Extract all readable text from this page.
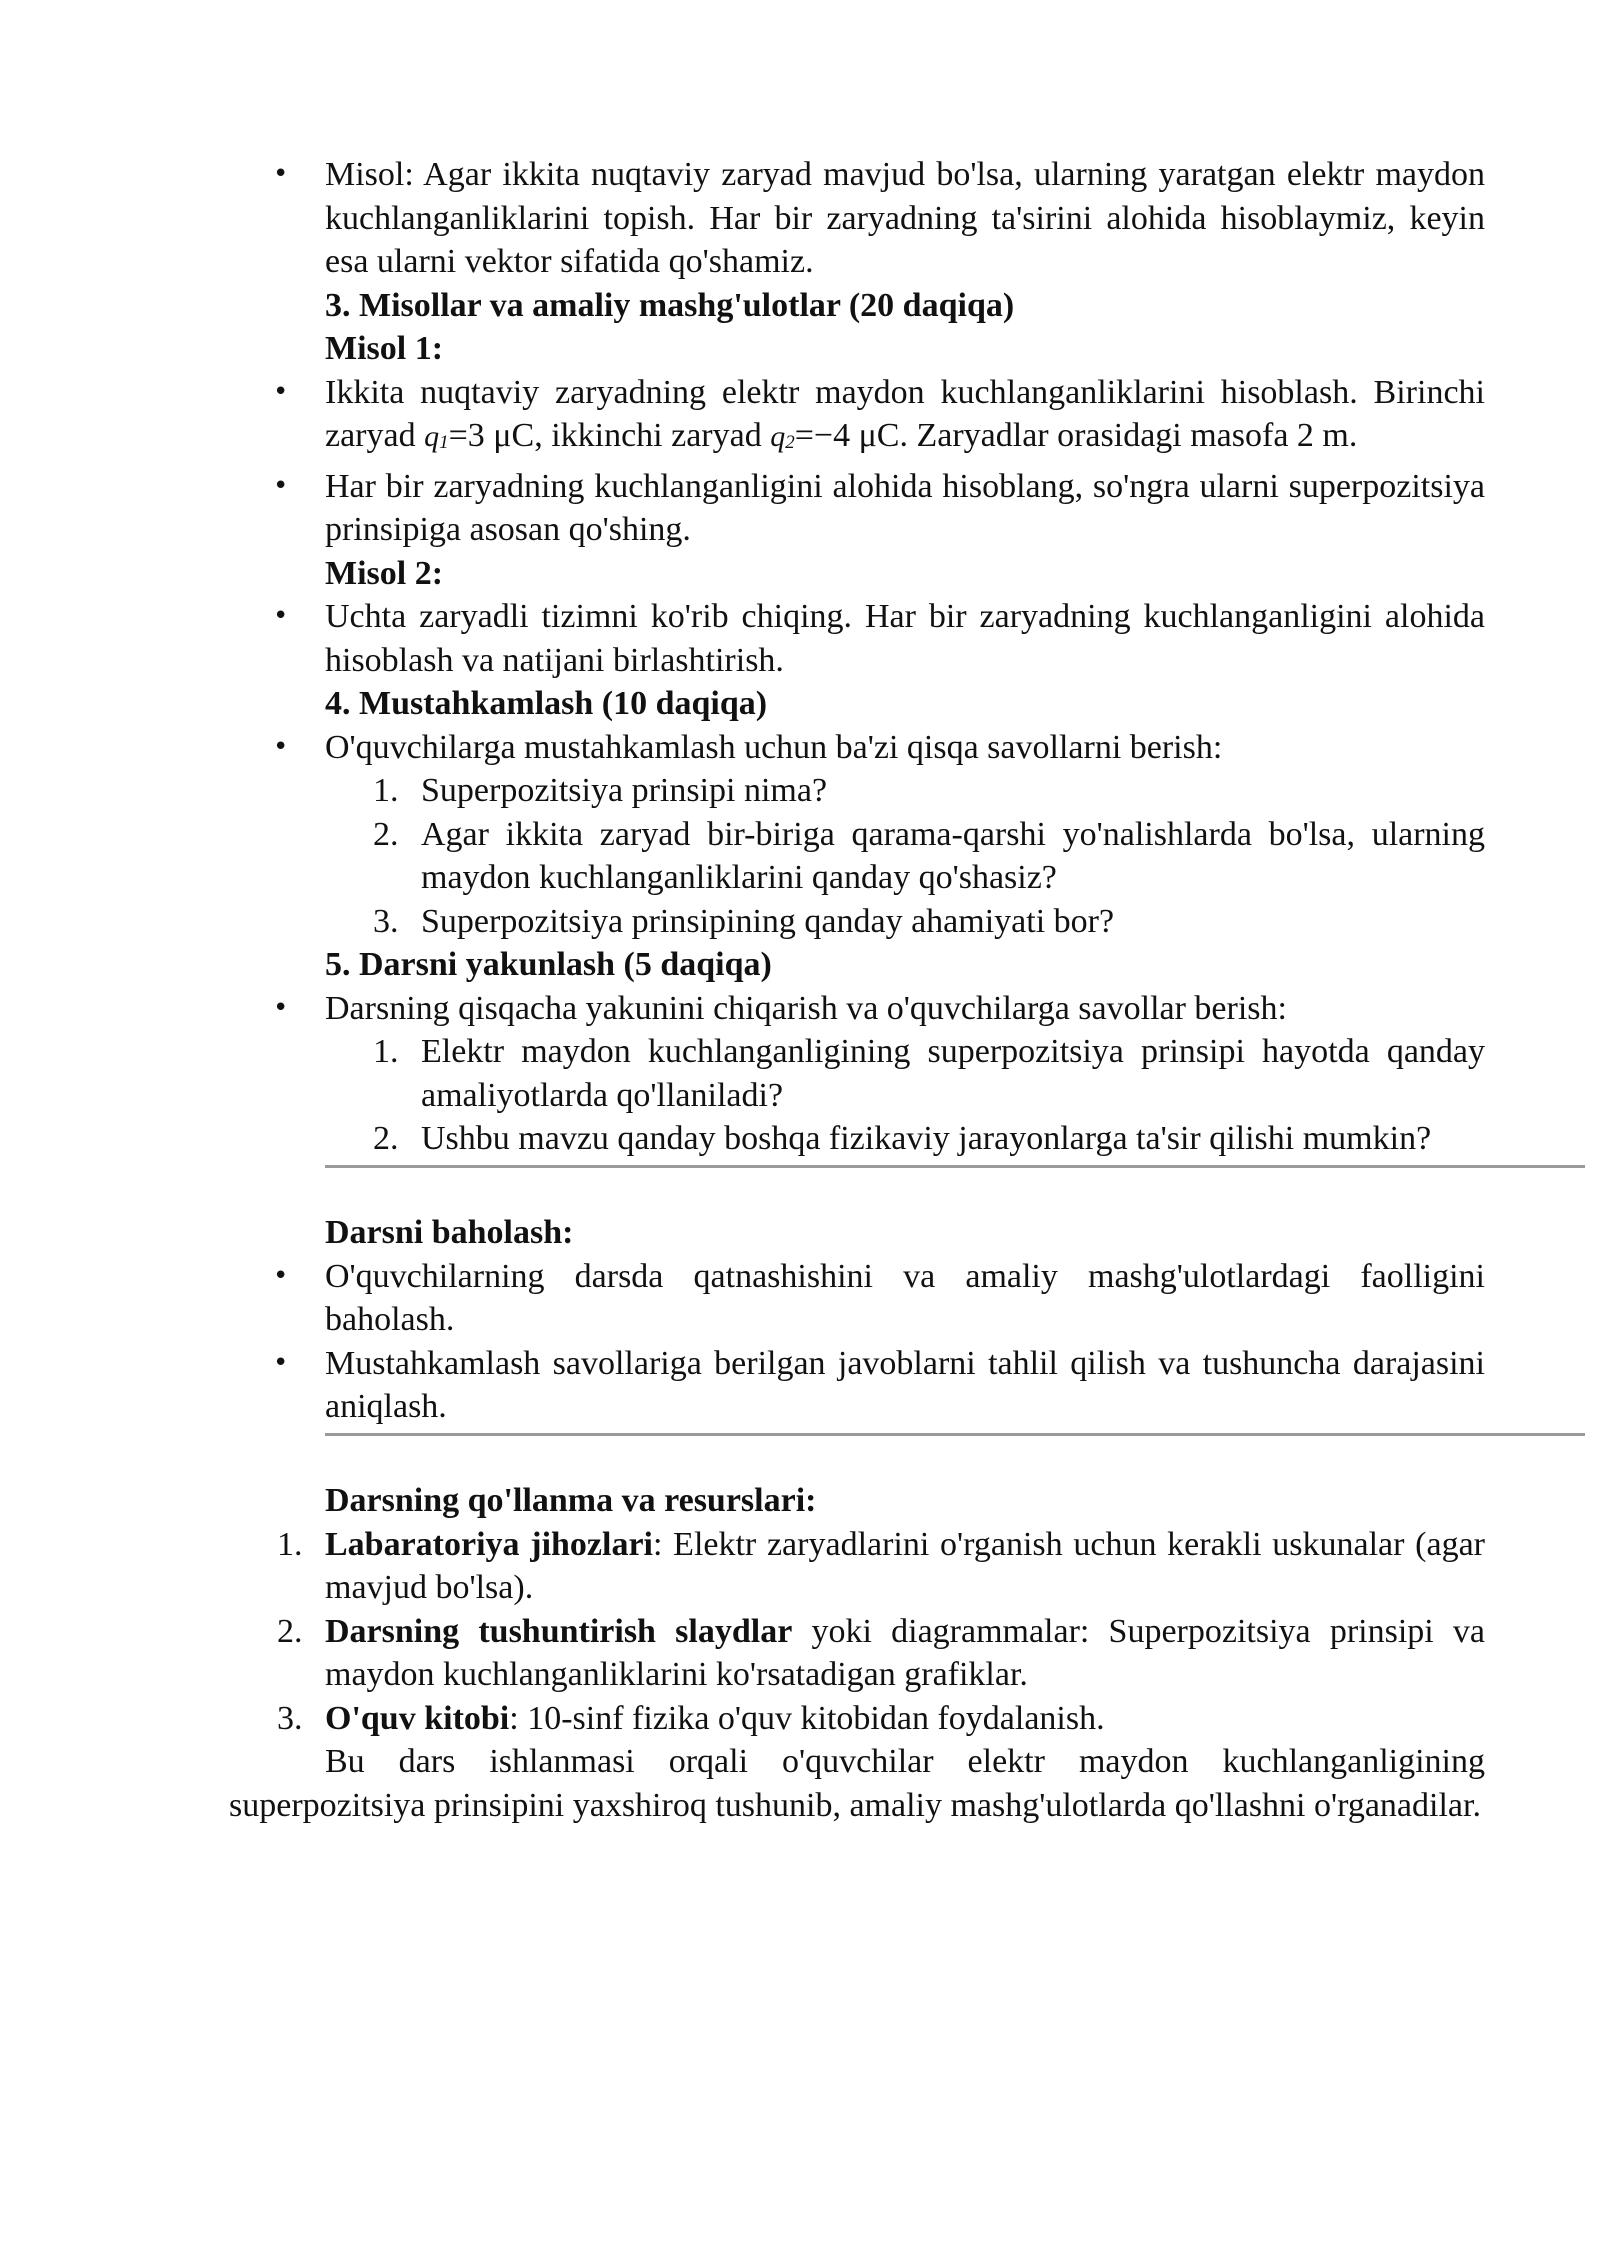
• Misol: Agar ikkita nuqtaviy zaryad mavjud bo'lsa, ularning yaratgan elektr maydon kuchlanganliklarini topish. Har bir zaryadning ta'sirini alohida hisoblaymiz, keyin esa ularni vektor sifatida qo'shamiz.
3. Misollar va amaliy mashg'ulotlar (20 daqiqa)
Misol 1:
• Ikkita nuqtaviy zaryadning elektr maydon kuchlanganliklarini hisoblash. Birinchi zaryad q1=3 μC, ikkinchi zaryad q2=−4 μC. Zaryadlar orasidagi masofa 2 m.
• Har bir zaryadning kuchlanganligini alohida hisoblang, so'ngra ularni superpozitsiya prinsipiga asosan qo'shing.
Misol 2:
• Uchta zaryadli tizimni ko'rib chiqing. Har bir zaryadning kuchlanganligini alohida hisoblash va natijani birlashtirish.
4. Mustahkamlash (10 daqiqa)
• O'quvchilarga mustahkamlash uchun ba'zi qisqa savollarni berish:
1. Superpozitsiya prinsipi nima?
2. Agar ikkita zaryad bir-biriga qarama-qarshi yo'nalishlarda bo'lsa, ularning maydon kuchlanganliklarini qanday qo'shasiz?
3. Superpozitsiya prinsipining qanday ahamiyati bor?
5. Darsni yakunlash (5 daqiqa)
• Darsning qisqacha yakunini chiqarish va o'quvchilarga savollar berish:
1. Elektr maydon kuchlanganligining superpozitsiya prinsipi hayotda qanday amaliyotlarda qo'llaniladi?
2. Ushbu mavzu qanday boshqa fizikaviy jarayonlarga ta'sir qilishi mumkin?
Darsni baholash:
• O'quvchilarning darsda qatnashishini va amaliy mashg'ulotlardagi faolligini baholash.
• Mustahkamlash savollariga berilgan javoblarni tahlil qilish va tushuncha darajasini aniqlash.
Darsning qo'llanma va resurslari:
1. Labaratoriya jihozlari: Elektr zaryadlarini o'rganish uchun kerakli uskunalar (agar mavjud bo'lsa).
2. Darsning tushuntirish slaydlar yoki diagrammalar: Superpozitsiya prinsipi va maydon kuchlanganliklarini ko'rsatadigan grafiklar.
3. O'quv kitobi: 10-sinf fizika o'quv kitobidan foydalanish.
Bu dars ishlanmasi orqali o'quvchilar elektr maydon kuchlanganligining superpozitsiya prinsipini yaxshiroq tushunib, amaliy mashg'ulotlarda qo'llashni o'rganadilar.
